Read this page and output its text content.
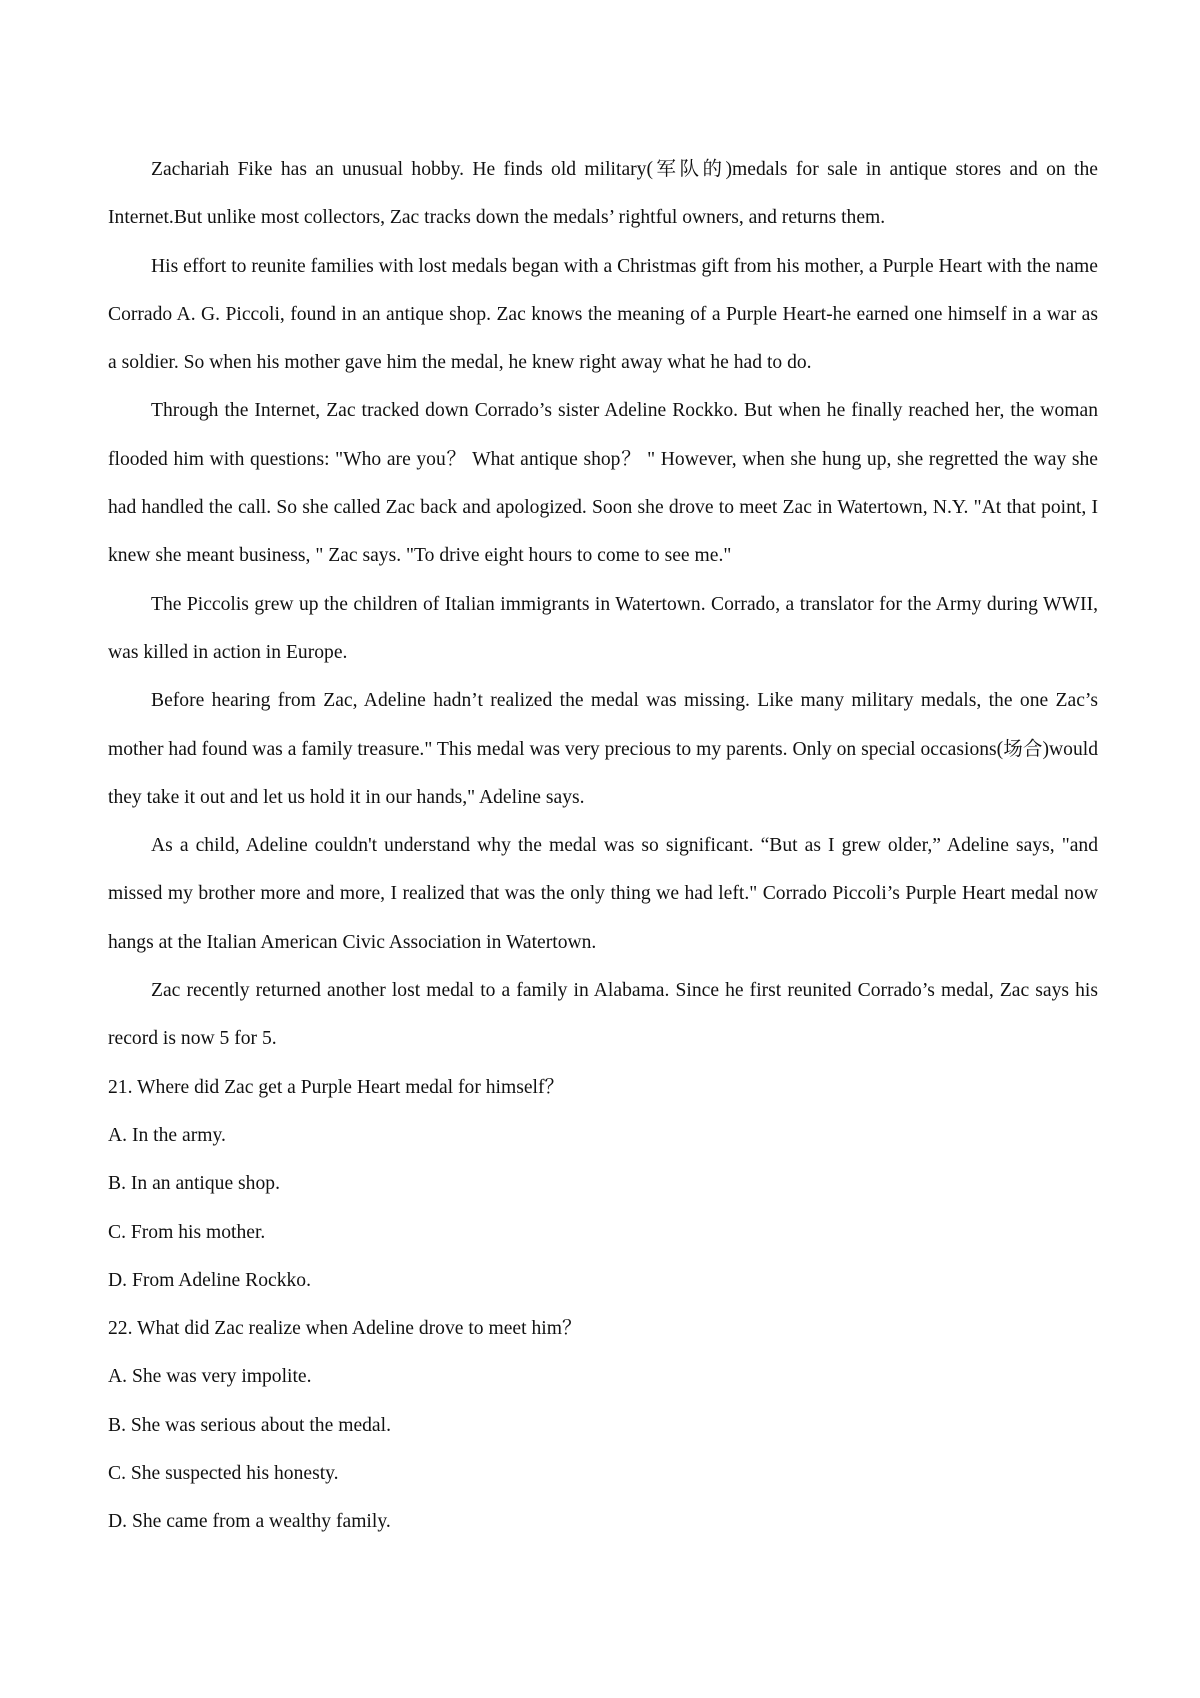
Zachariah Fike has an unusual hobby. He finds old military(军队的)medals for sale in antique stores and on the Internet.But unlike most collectors, Zac tracks down the medals’ rightful owners, and returns them.

His effort to reunite families with lost medals began with a Christmas gift from his mother, a Purple Heart with the name Corrado A. G. Piccoli, found in an antique shop. Zac knows the meaning of a Purple Heart-he earned one himself in a war as a soldier. So when his mother gave him the medal, he knew right away what he had to do.

Through the Internet, Zac tracked down Corrado’s sister Adeline Rockko. But when he finally reached her, the woman flooded him with questions: "Who are you？ What antique shop？ " However, when she hung up, she regretted the way she had handled the call. So she called Zac back and apologized. Soon she drove to meet Zac in Watertown, N.Y. "At that point, I knew she meant business, " Zac says. "To drive eight hours to come to see me."

The Piccolis grew up the children of Italian immigrants in Watertown. Corrado, a translator for the Army during WWII, was killed in action in Europe.

Before hearing from Zac, Adeline hadn’t realized the medal was missing. Like many military medals, the one Zac’s mother had found was a family treasure." This medal was very precious to my parents. Only on special occasions(场合)would they take it out and let us hold it in our hands," Adeline says.

As a child, Adeline couldn't understand why the medal was so significant. “But as I grew older,” Adeline says, "and missed my brother more and more, I realized that was the only thing we had left." Corrado Piccoli’s Purple Heart medal now hangs at the Italian American Civic Association in Watertown.

Zac recently returned another lost medal to a family in Alabama. Since he first reunited Corrado’s medal, Zac says his record is now 5 for 5.

21. Where did Zac get a Purple Heart medal for himself？

A. In the army.

B. In an antique shop.

C. From his mother.

D. From Adeline Rockko.

22. What did Zac realize when Adeline drove to meet him？

A. She was very impolite.

B. She was serious about the medal.

C. She suspected his honesty.

D. She came from a wealthy family.
